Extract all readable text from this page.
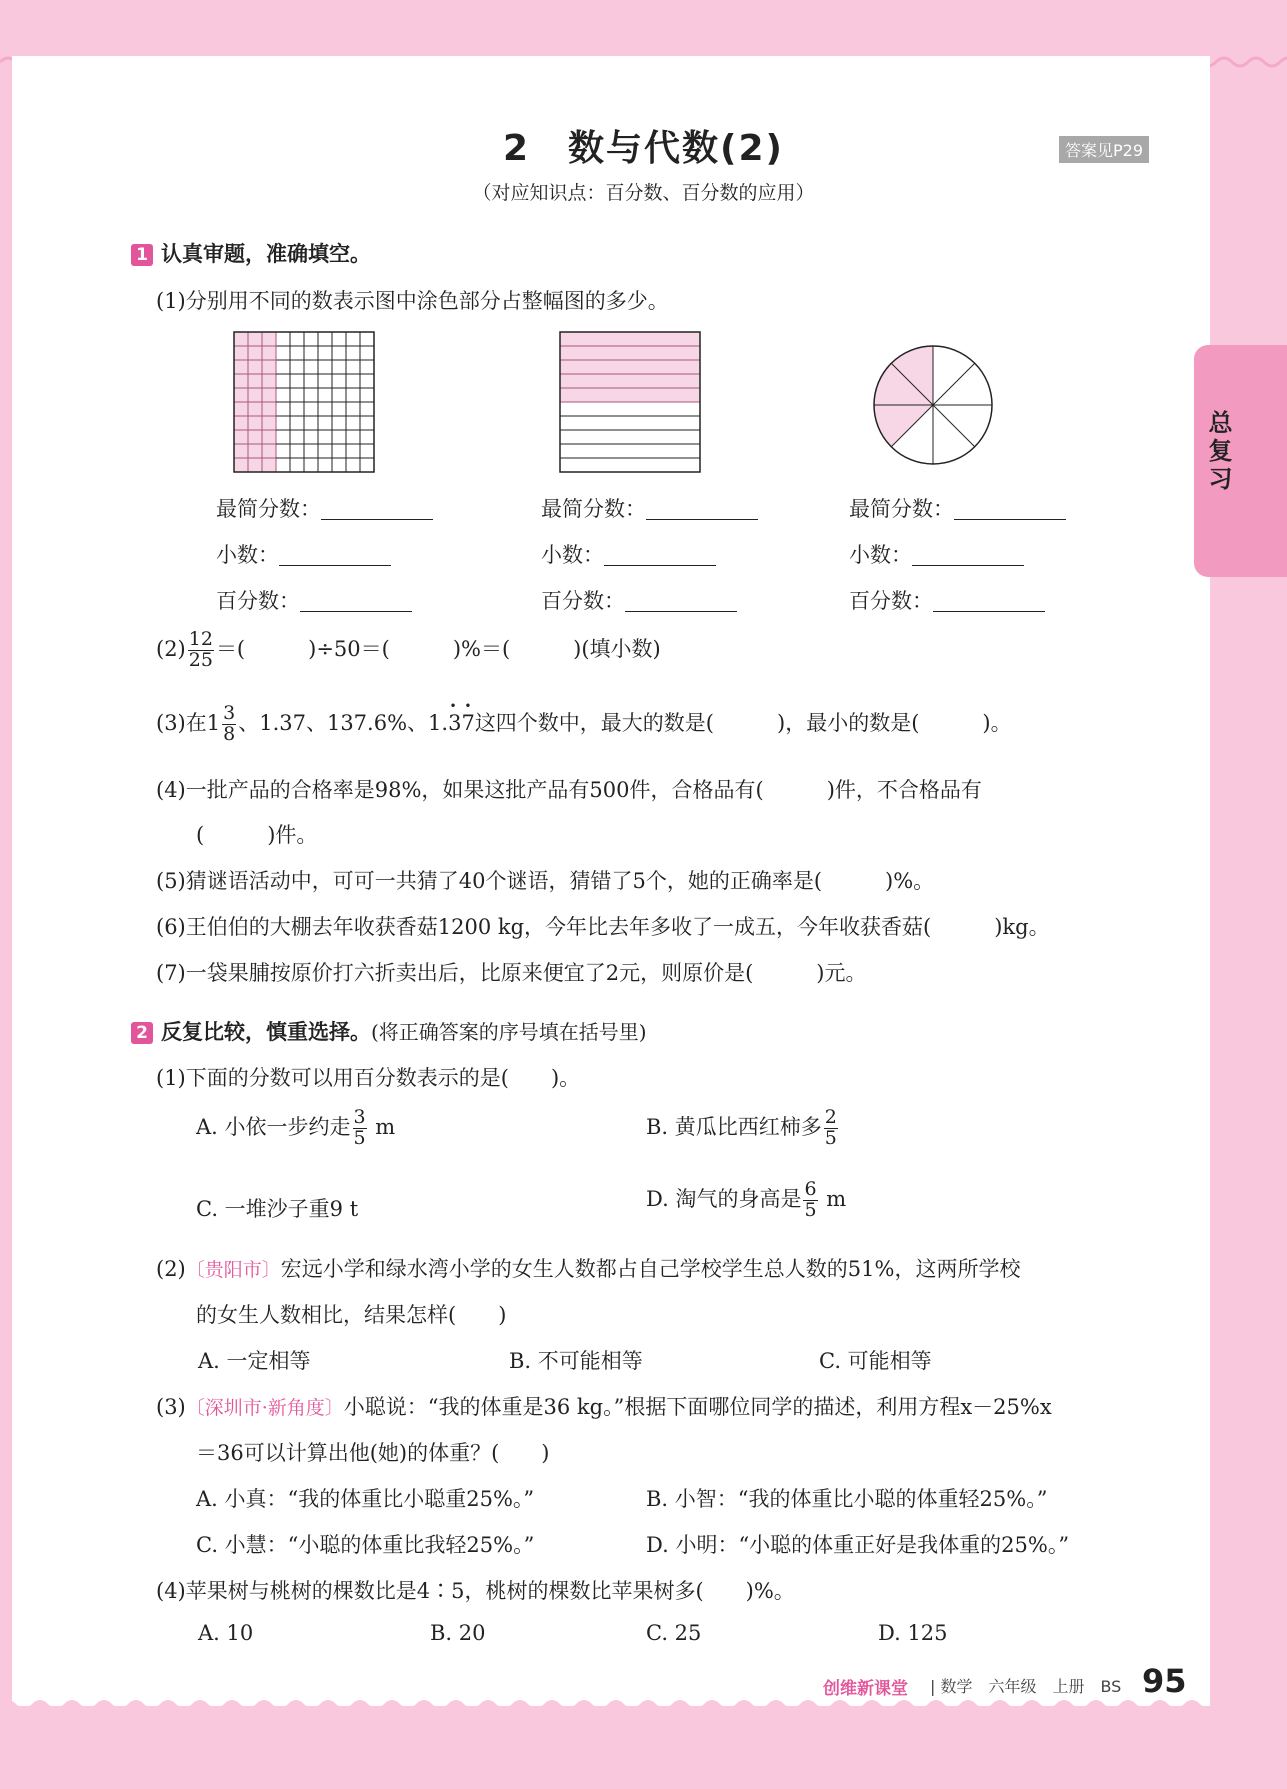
2　数与代数(2)	答案见P29
（对应知识点：百分数、百分数的应用）
总复习
1 认真审题，准确填空。
(1)分别用不同的数表示图中涂色部分占整幅图的多少。
最简分数：
小数：
百分数：
最简分数：
小数：
百分数：
最简分数：
小数：
百分数：
$(2) \frac{12}{25}$ ＝(　　　)÷50＝(　　　)%＝(　　　)(填小数)
(3)在$1 \frac{3}{8}$ 、1.37、137.6%、1.
• •
37这四个数中，最大的数是(　　　)，最小的数是(　　　)。
(4)一批产品的合格率是98%，如果这批产品有500件，合格品有(　　　)件，不合格品有
(　　　)件。
(5)猜谜语活动中，可可一共猜了40个谜语，猜错了5个，她的正确率是(　　　)%。
(6)王伯伯的大棚去年收获香菇1200 kg，今年比去年多收了一成五，今年收获香菇(　　　)kg。
(7)一袋果脯按原价打六折卖出后，比原来便宜了2元，则原价是(　　　)元。
2 反复比较，慎重选择。(将正确答案的序号填在括号里)
(1)下面的分数可以用百分数表示的是(　　)。
A. 小依一步约走 $\frac{3}{5}$ m	B. 黄瓜比西红柿多 $\frac{2}{5}$
C. 一堆沙子重9 t	D. 淘气的身高是 $\frac{6}{5}$ m
(2)〔贵阳市〕宏远小学和绿水湾小学的女生人数都占自己学校学生总人数的51%，这两所学校
的女生人数相比，结果怎样(　　)
A. 一定相等	B. 不可能相等	C. 可能相等
(3)〔深圳市·新角度〕小聪说：“我的体重是36 kg。”根据下面哪位同学的描述，利用方程x－25%x
＝36可以计算出他(她)的体重？(　　)
A. 小真：“我的体重比小聪重25%。”	B. 小智：“我的体重比小聪的体重轻25%。”
C. 小慧：“小聪的体重比我轻25%。”	D. 小明：“小聪的体重正好是我体重的25%。”
(4)苹果树与桃树的棵数比是4∶5，桃树的棵数比苹果树多(　　)%。
A. 10	B. 20	C. 25	D. 125
创维新课堂 | 数学　六年级　上册　BS 95
